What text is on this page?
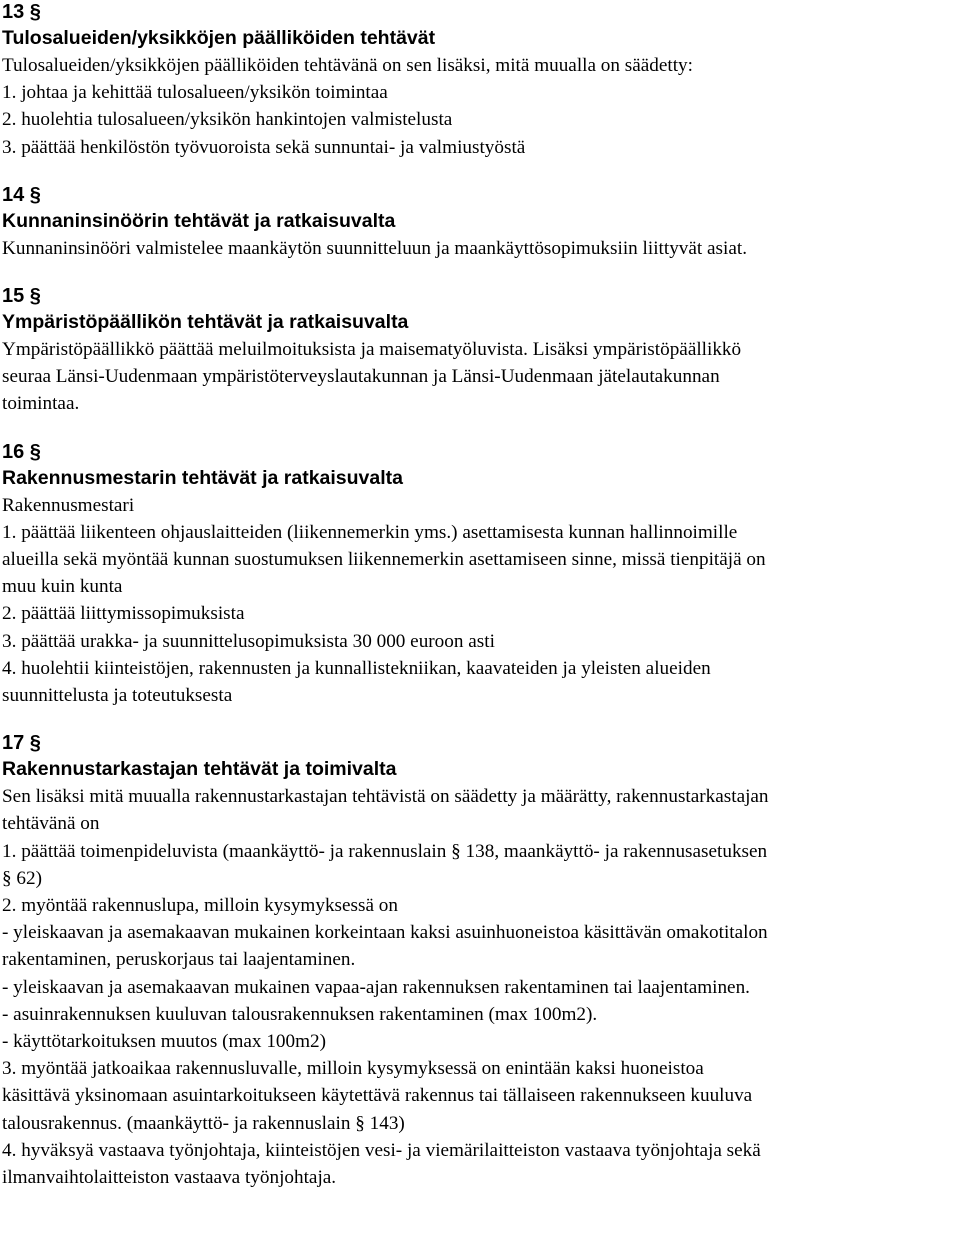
13 §
Tulosalueiden/yksikköjen päälliköiden tehtävät
Tulosalueiden/yksikköjen päälliköiden tehtävänä on sen lisäksi, mitä muualla on säädetty:
1. johtaa ja kehittää tulosalueen/yksikön toimintaa
2. huolehtia tulosalueen/yksikön hankintojen valmistelusta
3. päättää henkilöstön työvuoroista sekä sunnuntai- ja valmiustyöstä
14 §
Kunnaninsinöörin tehtävät ja ratkaisuvalta
Kunnaninsinööri valmistelee maankäytön suunnitteluun ja maankäyttösopimuksiin liittyvät asiat.
15 §
Ympäristöpäällikön tehtävät ja ratkaisuvalta
Ympäristöpäällikkö päättää meluilmoituksista ja maisematyöluvista. Lisäksi ympäristöpäällikkö
seuraa Länsi-Uudenmaan ympäristöterveyslautakunnan ja Länsi-Uudenmaan jätelautakunnan
toimintaa.
16 §
Rakennusmestarin tehtävät ja ratkaisuvalta
Rakennusmestari
1. päättää liikenteen ohjauslaitteiden (liikennemerkin yms.) asettamisesta kunnan hallinnoimille
alueilla sekä myöntää kunnan suostumuksen liikennemerkin asettamiseen sinne, missä tienpitäjä on
muu kuin kunta
2. päättää liittymissopimuksista
3. päättää urakka- ja suunnittelusopimuksista 30 000 euroon asti
4. huolehtii kiinteistöjen, rakennusten ja kunnallistekniikan, kaavateiden ja yleisten alueiden
suunnittelusta ja toteutuksesta
17 §
Rakennustarkastajan tehtävät ja toimivalta
Sen lisäksi mitä muualla rakennustarkastajan tehtävistä on säädetty ja määrätty, rakennustarkastajan
tehtävänä on
1. päättää toimenpideluvista (maankäyttö- ja rakennuslain § 138, maankäyttö- ja rakennusasetuksen
§ 62)
2. myöntää rakennuslupa, milloin kysymyksessä on
- yleiskaavan ja asemakaavan mukainen korkeintaan kaksi asuinhuoneistoa käsittävän omakotitalon
rakentaminen, peruskorjaus tai laajentaminen.
- yleiskaavan ja asemakaavan mukainen vapaa-ajan rakennuksen rakentaminen tai laajentaminen.
- asuinrakennuksen kuuluvan talousrakennuksen rakentaminen (max 100m2).
- käyttötarkoituksen muutos (max 100m2)
3. myöntää jatkoaikaa rakennusluvalle, milloin kysymyksessä on enintään kaksi huoneistoa
käsittävä yksinomaan asuintarkoitukseen käytettävä rakennus tai tällaiseen rakennukseen kuuluva
talousrakennus. (maankäyttö- ja rakennuslain § 143)
4. hyväksyä vastaava työnjohtaja, kiinteistöjen vesi- ja viemärilaitteiston vastaava työnjohtaja sekä
ilmanvaihtolaitteiston vastaava työnjohtaja.
